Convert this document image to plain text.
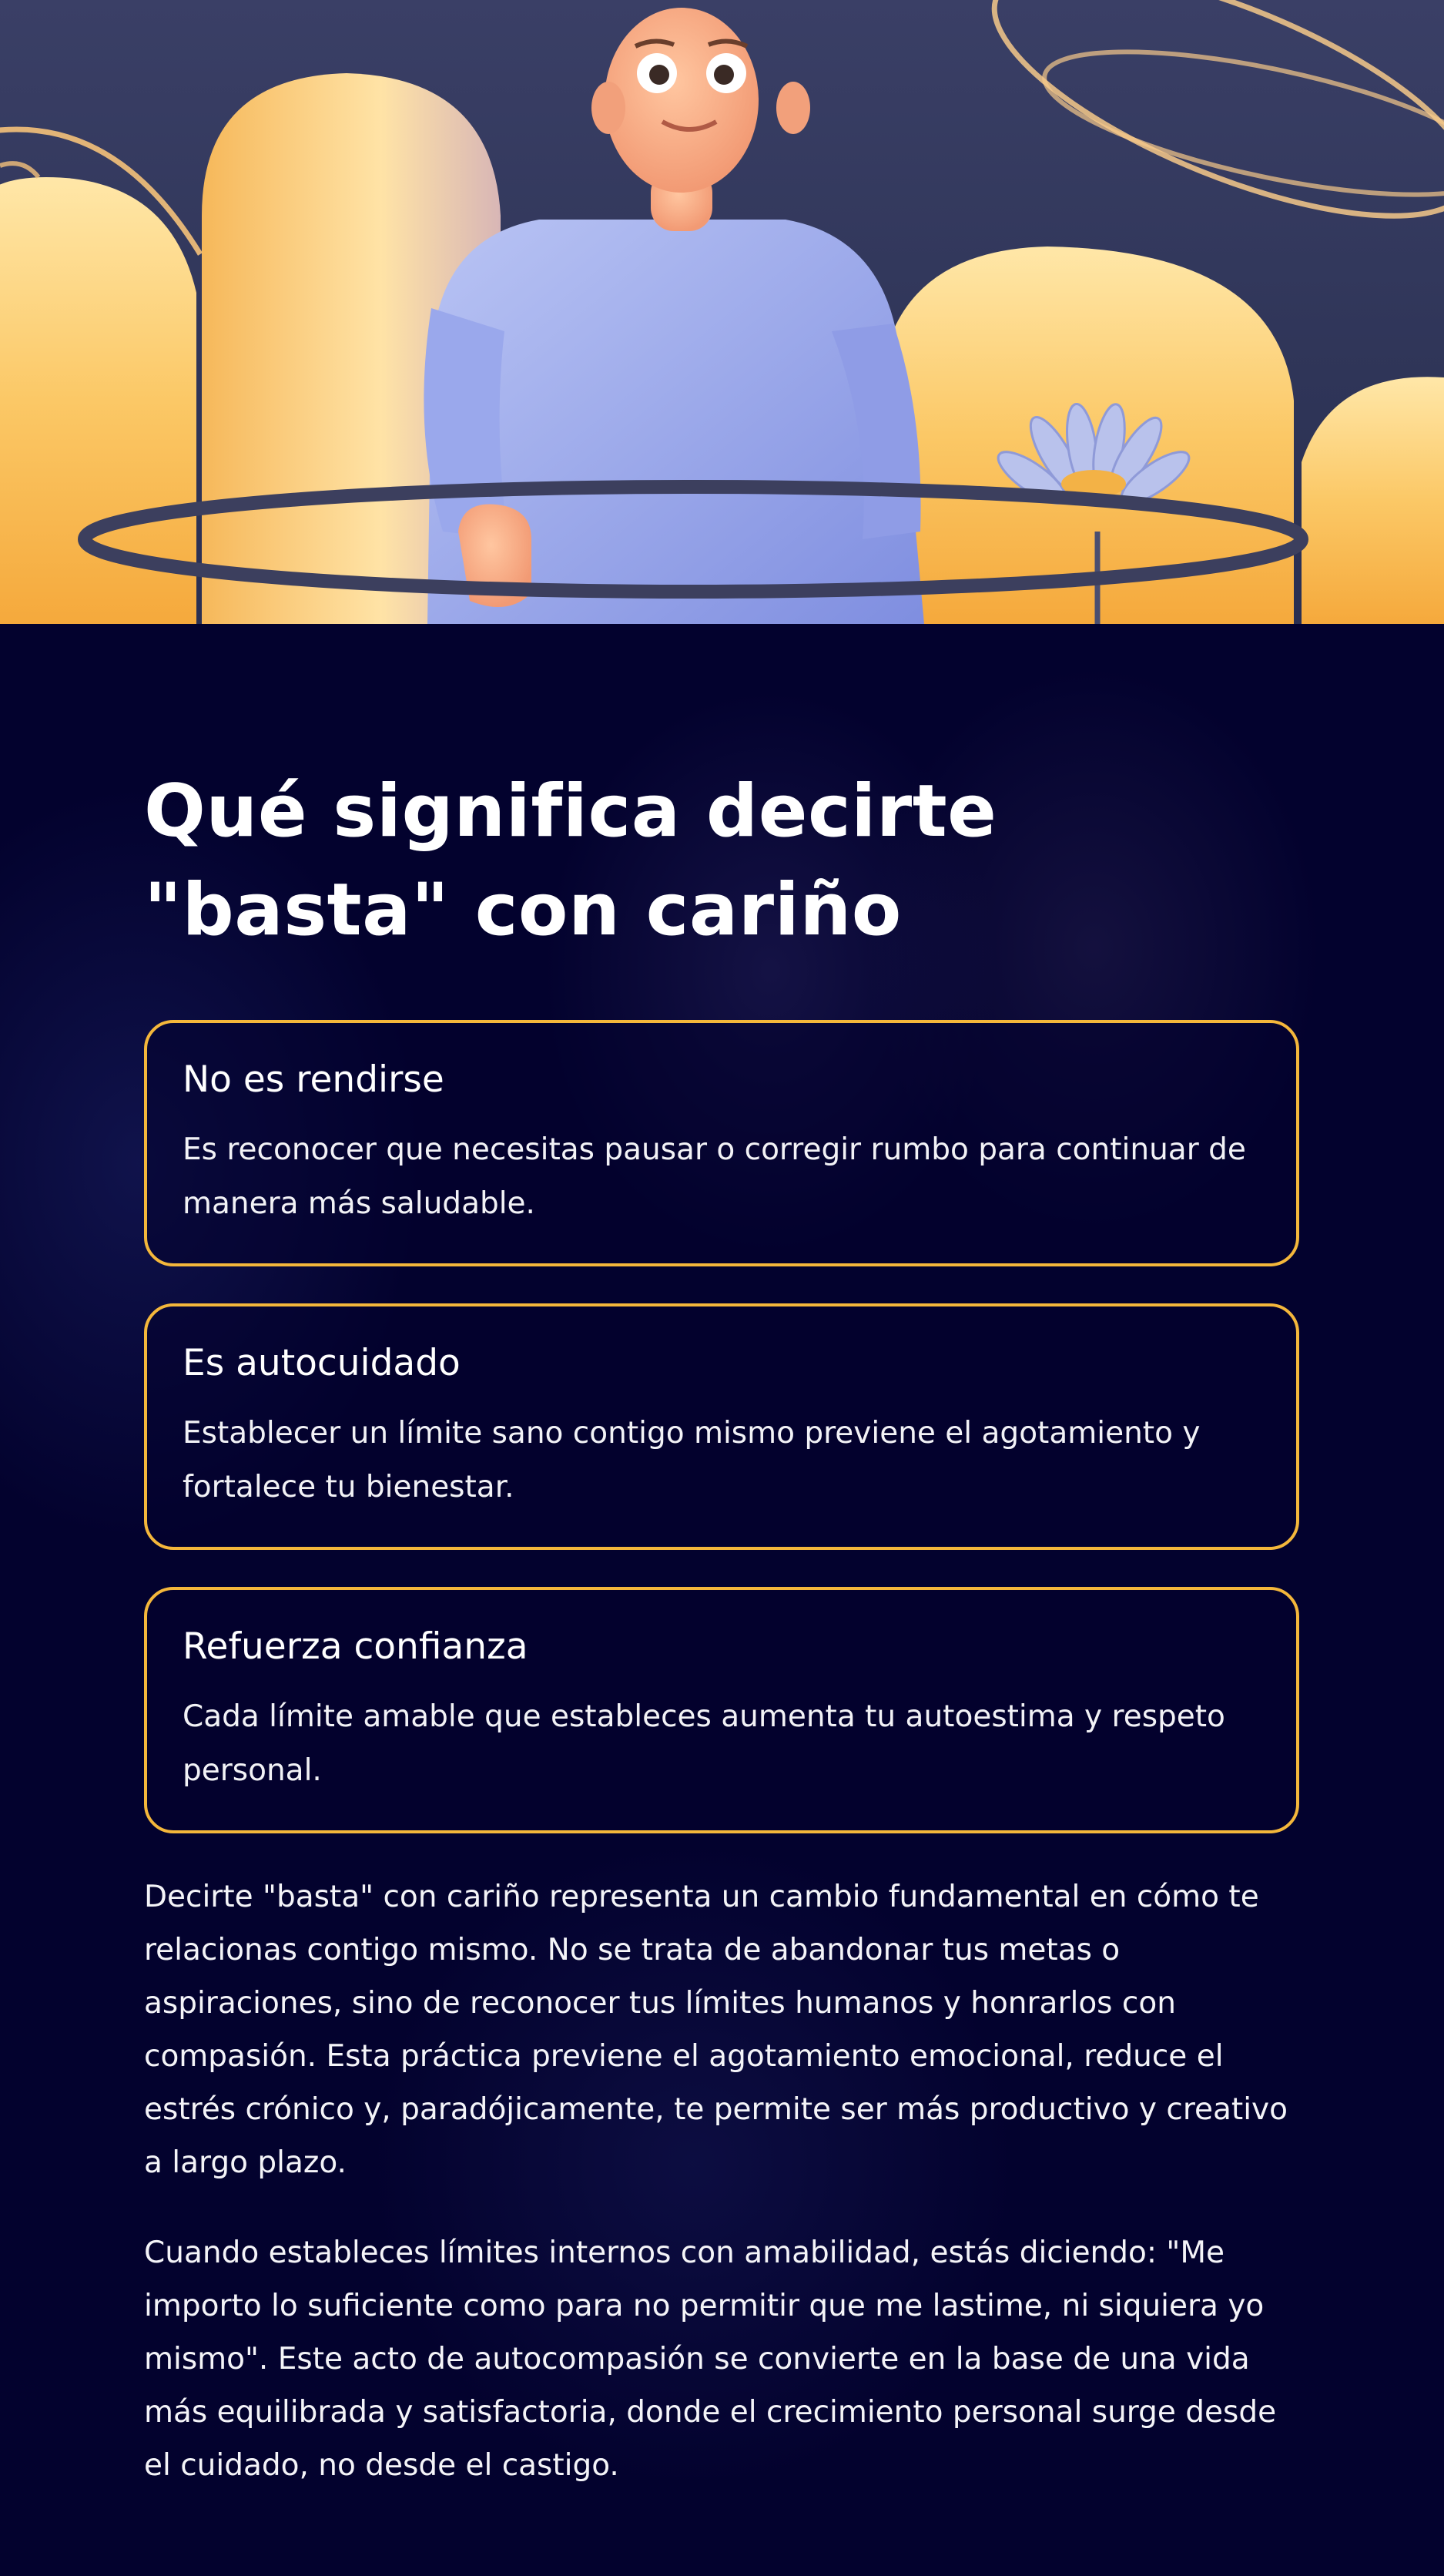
Qué significa decirte "basta" con cariño
No es rendirse

Es reconocer que necesitas pausar o corregir rumbo para continuar de manera más saludable.

Es autocuidado

Establecer un límite sano contigo mismo previene el agotamiento y fortalece tu bienestar.

Refuerza confianza

Cada límite amable que estableces aumenta tu autoestima y respeto personal.

Decirte "basta" con cariño representa un cambio fundamental en cómo te relacionas contigo mismo. No se trata de abandonar tus metas o aspiraciones, sino de reconocer tus límites humanos y honrarlos con compasión. Esta práctica previene el agotamiento emocional, reduce el estrés crónico y, paradójicamente, te permite ser más productivo y creativo a largo plazo.

Cuando estableces límites internos con amabilidad, estás diciendo: "Me importo lo suficiente como para no permitir que me lastime, ni siquiera yo mismo". Este acto de autocompasión se convierte en la base de una vida más equilibrada y satisfactoria, donde el crecimiento personal surge desde el cuidado, no desde el castigo.
